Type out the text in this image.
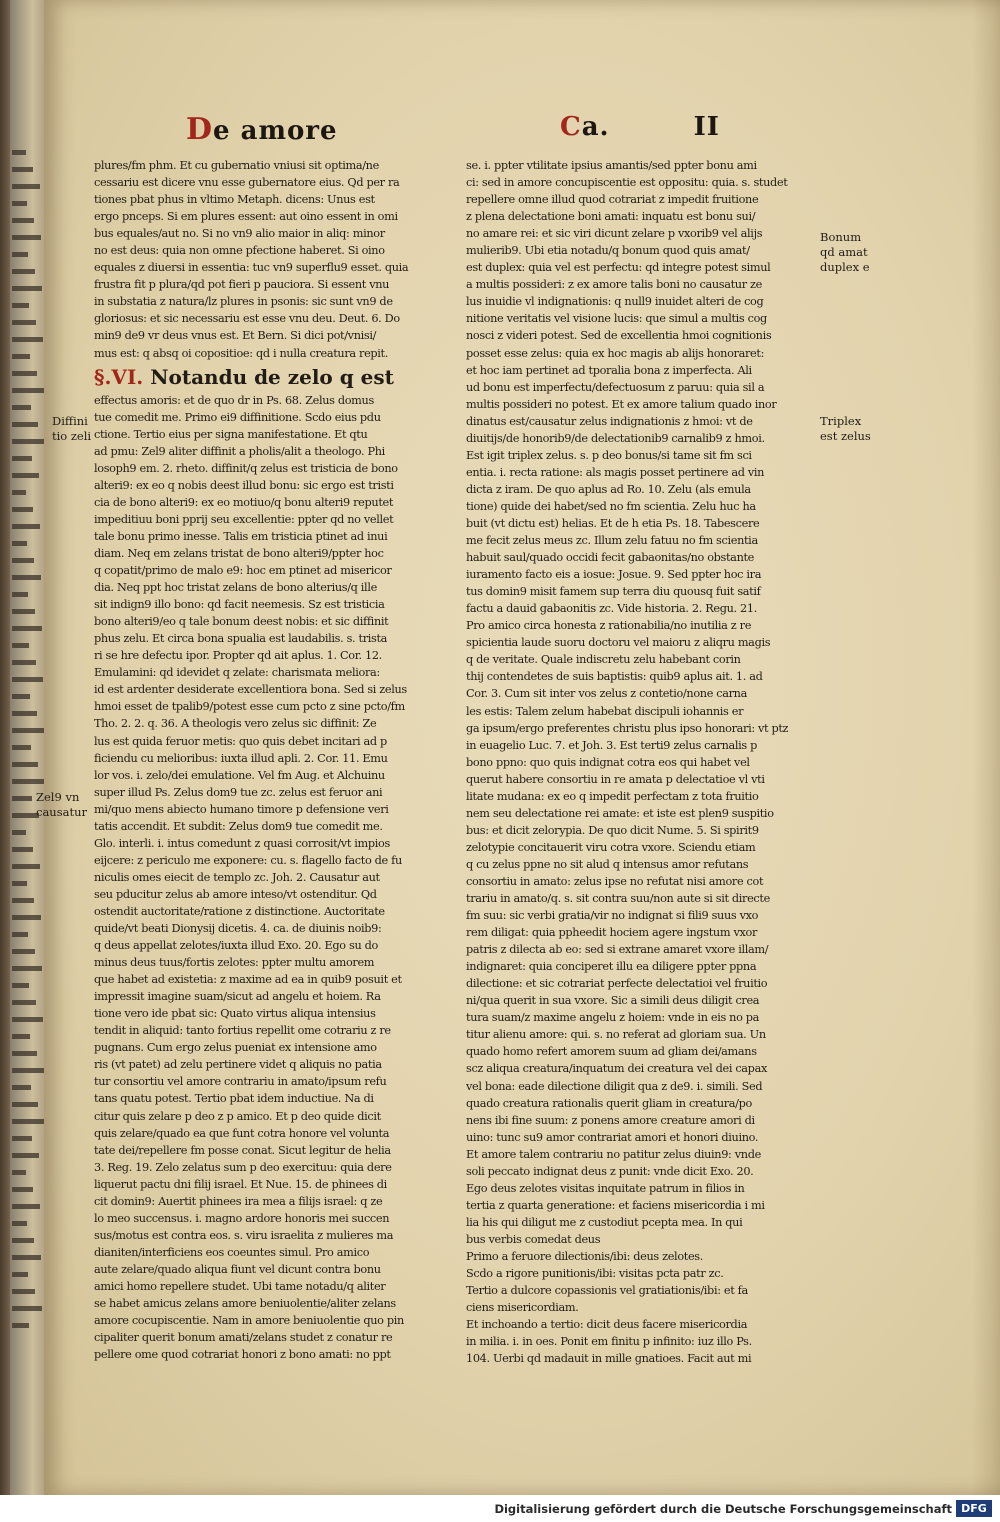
De amore	Ca.	II
plures/fm phm. Et cu gubernatio vniusi sit optima/ne
cessariu est dicere vnu esse gubernatore eius. Qd per ra
tiones pbat phus in vltimo Metaph. dicens: Unus est
ergo pnceps. Si em plures essent: aut oino essent in omi
bus equales/aut no. Si no vn9 alio maior in aliq: minor
no est deus: quia non omne pfectione haberet. Si oino
equales z diuersi in essentia: tuc vn9 superflu9 esset. quia
frustra fit p plura/qd pot fieri p pauciora. Si essent vnu
in substatia z natura/lz plures in psonis: sic sunt vn9 de
gloriosus: et sic necessariu est esse vnu deu. Deut. 6. Do
min9 de9 vr deus vnus est. Et Bern. Si dici pot/vnisi/
mus est: q absq oi copositioe: qd i nulla creatura repit.
§.VI. Notandu de zelo q est
effectus amoris: et de quo dr in Ps. 68. Zelus domus
tue comedit me. Primo ei9 diffinitione. Scdo eius pdu
ctione. Tertio eius per signa manifestatione. Et qtu
ad pmu: Zel9 aliter diffinit a pholis/alit a theologo. Phi
losoph9 em. 2. rheto. diffinit/q zelus est tristicia de bono
alteri9: ex eo q nobis deest illud bonu: sic ergo est tristi
cia de bono alteri9: ex eo motiuo/q bonu alteri9 reputet
impeditiuu boni pprij seu excellentie: ppter qd no vellet
tale bonu primo inesse. Talis em tristicia ptinet ad inui
diam. Neq em zelans tristat de bono alteri9/ppter hoc
q copatit/primo de malo e9: hoc em ptinet ad misericor
dia. Neq ppt hoc tristat zelans de bono alterius/q ille
sit indign9 illo bono: qd facit neemesis. Sz est tristicia
bono alteri9/eo q tale bonum deest nobis: et sic diffinit
phus zelu. Et circa bona spualia est laudabilis. s. trista
ri se hre defectu ipor. Propter qd ait aplus. 1. Cor. 12.
Emulamini: qd idevidet q zelate: charismata meliora:
id est ardenter desiderate excellentiora bona. Sed si zelus
hmoi esset de tpalib9/potest esse cum pcto z sine pcto/fm
Tho. 2. 2. q. 36. A theologis vero zelus sic diffinit: Ze
lus est quida feruor metis: quo quis debet incitari ad p
ficiendu cu melioribus: iuxta illud apli. 2. Cor. 11. Emu
lor vos. i. zelo/dei emulatione. Vel fm Aug. et Alchuinu
super illud Ps. Zelus dom9 tue zc. zelus est feruor ani
mi/quo mens abiecto humano timore p defensione veri
tatis accendit. Et subdit: Zelus dom9 tue comedit me.
Glo. interli. i. intus comedunt z quasi corrosit/vt impios
eijcere: z periculo me exponere: cu. s. flagello facto de fu
niculis omes eiecit de templo zc. Joh. 2. Causatur aut
seu pducitur zelus ab amore inteso/vt ostenditur. Qd
ostendit auctoritate/ratione z distinctione. Auctoritate
quide/vt beati Dionysij dicetis. 4. ca. de diuinis noib9:
q deus appellat zelotes/iuxta illud Exo. 20. Ego su do
minus deus tuus/fortis zelotes: ppter multu amorem
que habet ad existetia: z maxime ad ea in quib9 posuit et
impressit imagine suam/sicut ad angelu et hoiem. Ra
tione vero ide pbat sic: Quato virtus aliqua intensius
tendit in aliquid: tanto fortius repellit ome cotrariu z re
pugnans. Cum ergo zelus pueniat ex intensione amo
ris (vt patet) ad zelu pertinere videt q aliquis no patia
tur consortiu vel amore contrariu in amato/ipsum refu
tans quatu potest. Tertio pbat idem inductiue. Na di
citur quis zelare p deo z p amico. Et p deo quide dicit
quis zelare/quado ea que funt cotra honore vel volunta
tate dei/repellere fm posse conat. Sicut legitur de helia
3. Reg. 19. Zelo zelatus sum p deo exercituu: quia dere
liquerut pactu dni filij israel. Et Nue. 15. de phinees di
cit domin9: Auertit phinees ira mea a filijs israel: q ze
lo meo succensus. i. magno ardore honoris mei succen
sus/motus est contra eos. s. viru israelita z mulieres ma
dianiten/interficiens eos coeuntes simul. Pro amico
aute zelare/quado aliqua fiunt vel dicunt contra bonu
amici homo repellere studet. Ubi tame notadu/q aliter
se habet amicus zelans amore beniuolentie/aliter zelans
amore cocupiscentie. Nam in amore beniuolentie quo pin
cipaliter querit bonum amati/zelans studet z conatur re
pellere ome quod cotrariat honori z bono amati: no ppt
se. i. ppter vtilitate ipsius amantis/sed ppter bonu ami
ci: sed in amore concupiscentie est oppositu: quia. s. studet
repellere omne illud quod cotrariat z impedit fruitione
z plena delectatione boni amati: inquatu est bonu sui/
no amare rei: et sic viri dicunt zelare p vxorib9 vel alijs
mulierib9. Ubi etia notadu/q bonum quod quis amat/
est duplex: quia vel est perfectu: qd integre potest simul
a multis possideri: z ex amore talis boni no causatur ze
lus inuidie vl indignationis: q null9 inuidet alteri de cog
nitione veritatis vel visione lucis: que simul a multis cog
nosci z videri potest. Sed de excellentia hmoi cognitionis
posset esse zelus: quia ex hoc magis ab alijs honoraret:
et hoc iam pertinet ad tporalia bona z imperfecta. Ali
ud bonu est imperfectu/defectuosum z paruu: quia sil a
multis possideri no potest. Et ex amore talium quado inor
dinatus est/causatur zelus indignationis z hmoi: vt de
diuitijs/de honorib9/de delectationib9 carnalib9 z hmoi.
Est igit triplex zelus. s. p deo bonus/si tame sit fm sci
entia. i. recta ratione: als magis posset pertinere ad vin
dicta z iram. De quo aplus ad Ro. 10. Zelu (als emula
tione) quide dei habet/sed no fm scientia. Zelu huc ha
buit (vt dictu est) helias. Et de h etia Ps. 18. Tabescere
me fecit zelus meus zc. Illum zelu fatuu no fm scientia
habuit saul/quado occidi fecit gabaonitas/no obstante
iuramento facto eis a iosue: Josue. 9. Sed ppter hoc ira
tus domin9 misit famem sup terra diu quousq fuit satif
factu a dauid gabaonitis zc. Vide historia. 2. Regu. 21.
Pro amico circa honesta z rationabilia/no inutilia z re
spicientia laude suoru doctoru vel maioru z aliqru magis
q de veritate. Quale indiscretu zelu habebant corin
thij contendetes de suis baptistis: quib9 aplus ait. 1. ad
Cor. 3. Cum sit inter vos zelus z contetio/none carna
les estis: Talem zelum habebat discipuli iohannis er
ga ipsum/ergo preferentes christu plus ipso honorari: vt ptz
in euagelio Luc. 7. et Joh. 3. Est terti9 zelus carnalis p
bono ppno: quo quis indignat cotra eos qui habet vel
querut habere consortiu in re amata p delectatioe vl vti
litate mudana: ex eo q impedit perfectam z tota fruitio
nem seu delectatione rei amate: et iste est plen9 suspitio
bus: et dicit zelorypia. De quo dicit Nume. 5. Si spirit9
zelotypie concitauerit viru cotra vxore. Sciendu etiam
q cu zelus ppne no sit alud q intensus amor refutans
consortiu in amato: zelus ipse no refutat nisi amore cot
trariu in amato/q. s. sit contra suu/non aute si sit directe
fm suu: sic verbi gratia/vir no indignat si fili9 suus vxo
rem diligat: quia ppheedit hociem agere ingstum vxor
patris z dilecta ab eo: sed si extrane amaret vxore illam/
indignaret: quia conciperet illu ea diligere ppter ppna
dilectione: et sic cotrariat perfecte delectatioi vel fruitio
ni/qua querit in sua vxore. Sic a simili deus diligit crea
tura suam/z maxime angelu z hoiem: vnde in eis no pa
titur alienu amore: qui. s. no referat ad gloriam sua. Un
quado homo refert amorem suum ad gliam dei/amans
scz aliqua creatura/inquatum dei creatura vel dei capax
vel bona: eade dilectione diligit qua z de9. i. simili. Sed
quado creatura rationalis querit gliam in creatura/po
nens ibi fine suum: z ponens amore creature amori di
uino: tunc su9 amor contrariat amori et honori diuino.
Et amore talem contrariu no patitur zelus diuin9: vnde
soli peccato indignat deus z punit: vnde dicit Exo. 20.
Ego deus zelotes visitas inquitate patrum in filios in
tertia z quarta generatione: et faciens misericordia i mi
lia his qui diligut me z custodiut pcepta mea. In qui
bus verbis comedat deus
Primo a feruore dilectionis/ibi: deus zelotes.
Scdo a rigore punitionis/ibi: visitas pcta patr zc.
Tertio a dulcore copassionis vel gratiationis/ibi: et fa
ciens misericordiam.
Et inchoando a tertio: dicit deus facere misericordia
in milia. i. in oes. Ponit em finitu p infinito: iuz illo Ps.
104. Uerbi qd madauit in mille gnatioes. Facit aut mi
Diffini
tio zeli
Zel9 vn
causatur
Bonum
qd amat
duplex e
Triplex
est zelus
Digitalisierung gefördert durch die Deutsche Forschungsgemeinschaft DFG
